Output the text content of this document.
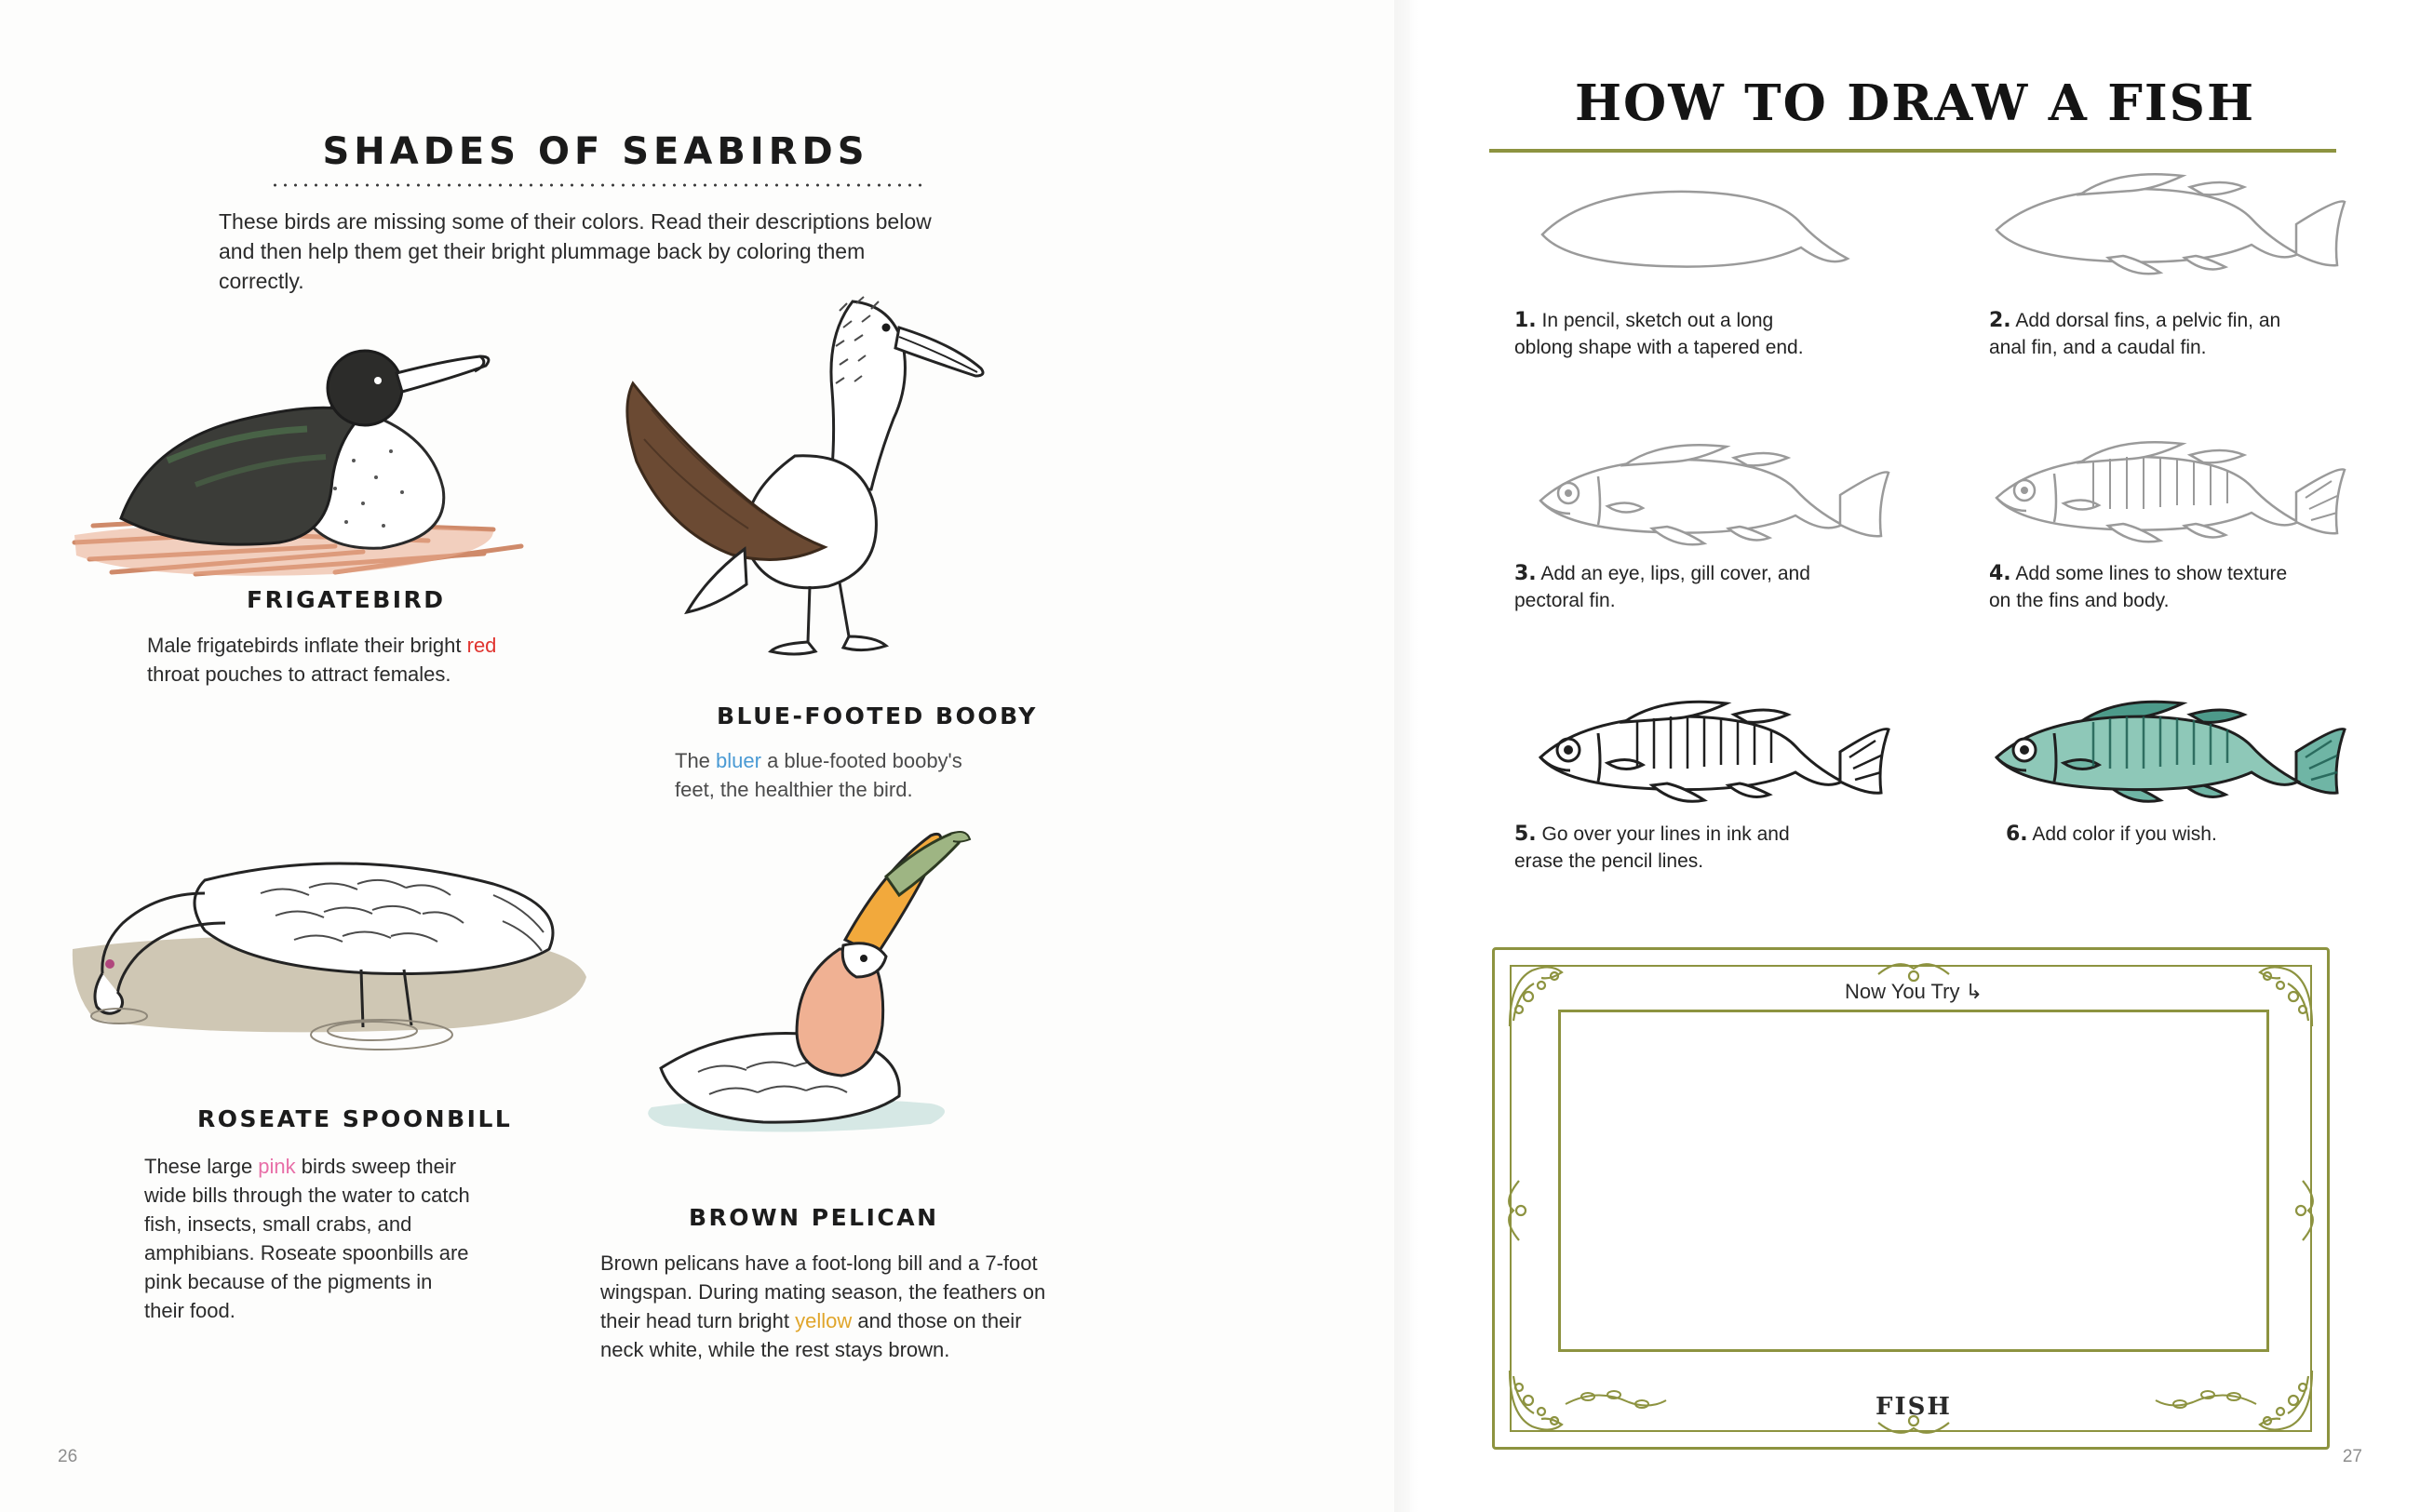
SHADES OF SEABIRDS
These birds are missing some of their colors. Read their descriptions below and then help them get their bright plummage back by coloring them correctly.
FRIGATEBIRD
Male frigatebirds inflate their bright red throat pouches to attract females.
BLUE-FOOTED BOOBY
The bluer a blue-footed booby's feet, the healthier the bird.
ROSEATE SPOONBILL
These large pink birds sweep their wide bills through the water to catch fish, insects, small crabs, and amphibians. Roseate spoonbills are pink because of the pigments in their food.
BROWN PELICAN
Brown pelicans have a foot-long bill and a 7-foot wingspan. During mating season, the feathers on their head turn bright yellow and those on their neck white, while the rest stays brown.
26
HOW TO DRAW A FISH
1. In pencil, sketch out a long oblong shape with a tapered end.
2. Add dorsal fins, a pelvic fin, an anal fin, and a caudal fin.
3. Add an eye, lips, gill cover, and pectoral fin.
4. Add some lines to show texture on the fins and body.
5. Go over your lines in ink and erase the pencil lines.
6. Add color if you wish.
Now You Try ↳
FISH
27
